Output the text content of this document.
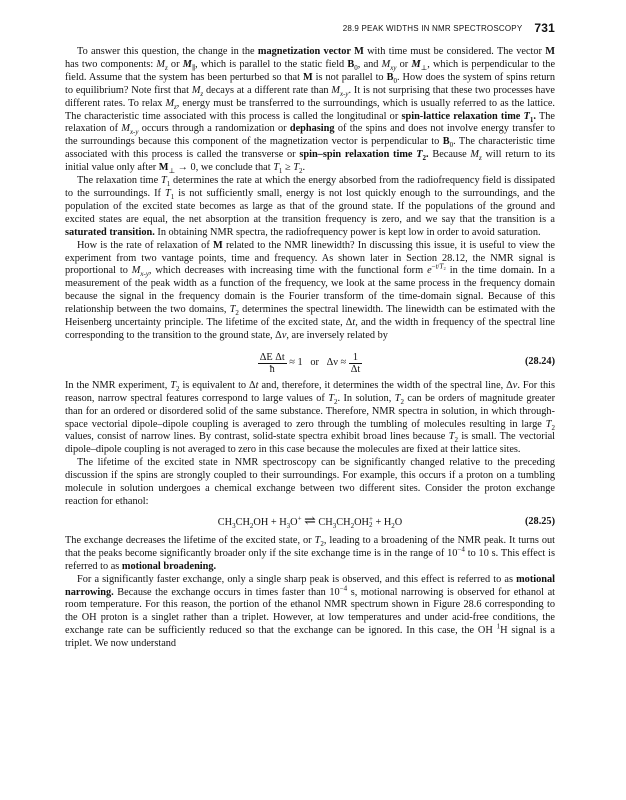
28.9 PEAK WIDTHS IN NMR SPECTROSCOPY 731

To answer this question, the change in the magnetization vector M with time must be considered. The vector M has two components: $M_z$ or $M_\parallel$, which is parallel to the static field $B_0$, and $M_{xy}$ or $M_\perp$, which is perpendicular to the field. Assume that the system has been perturbed so that M is not parallel to $B_0$. How does the system of spins return to equilibrium? Note first that $M_z$ decays at a different rate than $M_{x-y}$. It is not surprising that these two processes have different rates. To relax $M_z$, energy must be transferred to the surroundings, which is usually referred to as the lattice. The characteristic time associated with this process is called the longitudinal or spin-lattice relaxation time $T_1$. The relaxation of $M_{x-y}$ occurs through a randomization or dephasing of the spins and does not involve energy transfer to the surroundings because this component of the magnetization vector is perpendicular to $B_0$. The characteristic time associated with this process is called the transverse or spin–spin relaxation time $T_2$. Because $M_z$ will return to its initial value only after $M_\perp \to 0$, we conclude that $T_1 \ge T_2$.

The relaxation time $T_1$ determines the rate at which the energy absorbed from the radiofrequency field is dissipated to the surroundings. If $T_1$ is not sufficiently small, energy is not lost quickly enough to the surroundings, and the population of the excited state becomes as large as that of the ground state. If the populations of the ground and excited states are equal, the net absorption at the transition frequency is zero, and we say that the transition is a saturated transition. In obtaining NMR spectra, the radiofrequency power is kept low in order to avoid saturation.

How is the rate of relaxation of M related to the NMR linewidth? In discussing this issue, it is useful to view the experiment from two vantage points, time and frequency. As shown later in Section 28.12, the NMR signal is proportional to $M_{x-y}$, which decreases with increasing time with the functional form $e^{-t/T_2}$ in the time domain. In a measurement of the peak width as a function of the frequency, we look at the same process in the frequency domain because the signal in the frequency domain is the Fourier transform of the time-domain signal. Because of this relationship between the two domains, $T_2$ determines the spectral linewidth. The linewidth can be estimated with the Heisenberg uncertainty principle. The lifetime of the excited state, Δt, and the width in frequency of the spectral line corresponding to the transition to the ground state, Δν, are inversely related by

$\frac{\text{ΔE Δt}}{ħ} \approx 1$   or   $\Delta\nu \approx \frac{1}{\Delta t}$	(28.24)

In the NMR experiment, $T_2$ is equivalent to Δt and, therefore, it determines the width of the spectral line, Δν. For this reason, narrow spectral features correspond to large values of $T_2$. In solution, $T_2$ can be orders of magnitude greater than for an ordered or disordered solid of the same substance. Therefore, NMR spectra in solution, in which through-space vectorial dipole–dipole coupling is averaged to zero through the tumbling of molecules resulting in large $T_2$ values, consist of narrow lines. By contrast, solid-state spectra exhibit broad lines because $T_2$ is small. The vectorial dipole–dipole coupling is not averaged to zero in this case because the molecules are fixed at their lattice sites.

The lifetime of the excited state in NMR spectroscopy can be significantly changed relative to the preceding discussion if the spins are strongly coupled to their surroundings. For example, this occurs if a proton on a tumbling molecule in solution undergoes a chemical exchange between two different sites. Consider the proton exchange reaction for ethanol:

$CH_3CH_2OH + H_3O^+$ ⇌ $CH_3CH_2OH$ +
$2 + H_2O$	(28.25)

The exchange decreases the lifetime of the excited state, or $T_2$, leading to a broadening of the NMR peak. It turns out that the peaks become significantly broader only if the site exchange time is in the range of $10^{-4}$ to 10 s. This effect is referred to as motional broadening.

For a significantly faster exchange, only a single sharp peak is observed, and this effect is referred to as motional narrowing. Because the exchange occurs in times faster than $10^{-4}$ s, motional narrowing is observed for ethanol at room temperature. For this reason, the portion of the ethanol NMR spectrum shown in Figure 28.6 corresponding to the OH proton is a singlet rather than a triplet. However, at low temperatures and under acid-free conditions, the exchange rate can be sufficiently reduced so that the exchange can be ignored. In this case, the OH $^1$H signal is a triplet. We now understand
